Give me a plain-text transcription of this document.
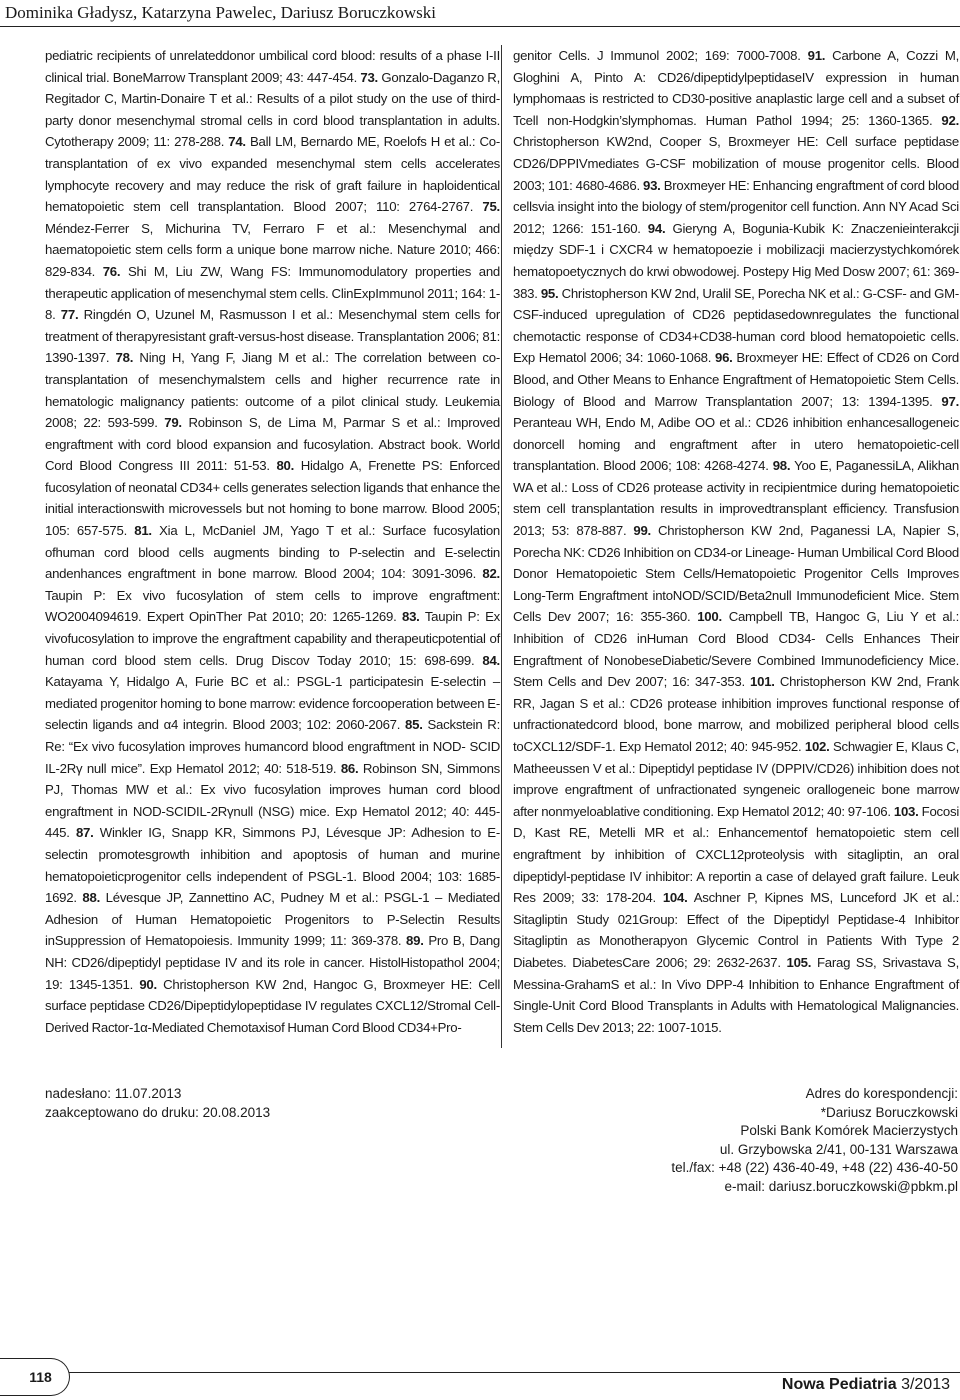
Dominika Gładysz, Katarzyna Pawelec, Dariusz Boruczkowski
pediatric recipients of unrelateddonor umbilical cord blood: results of a phase I-II clinical trial. BoneMarrow Transplant 2009; 43: 447-454. 73. Gonzalo-Daganzo R, Regitador C, Martin-Donaire T et al.: Results of a pilot study on the use of third-party donor mesenchymal stromal cells in cord blood transplantation in adults. Cytotherapy 2009; 11: 278-288. 74. Ball LM, Bernardo ME, Roelofs H et al.: Co-transplantation of ex vivo expanded mesenchymal stem cells accelerates lymphocyte recovery and may reduce the risk of graft failure in haploidentical hematopoietic stem cell transplantation. Blood 2007; 110: 2764-2767. 75. Méndez-Ferrer S, Michurina TV, Ferraro F et al.: Mesenchymal and haematopoietic stem cells form a unique bone marrow niche. Nature 2010; 466: 829-834. 76. Shi M, Liu ZW, Wang FS: Immunomodulatory properties and therapeutic application of mesenchymal stem cells. ClinExpImmunol 2011; 164: 1-8. 77. Ringdén O, Uzunel M, Rasmusson I et al.: Mesenchymal stem cells for treatment of therapyresistant graft-versus-host disease. Transplantation 2006; 81: 1390-1397. 78. Ning H, Yang F, Jiang M et al.: The correlation between co-transplantation of mesenchymalstem cells and higher recurrence rate in hematologic malignancy patients: outcome of a pilot clinical study. Leukemia 2008; 22: 593-599. 79. Robinson S, de Lima M, Parmar S et al.: Improved engraftment with cord blood expansion and fucosylation. Abstract book. World Cord Blood Congress III 2011: 51-53. 80. Hidalgo A, Frenette PS: Enforced fucosylation of neonatal CD34+ cells generates selection ligands that enhance the initial interactionswith microvessels but not homing to bone marrow. Blood 2005; 105: 657-575. 81. Xia L, McDaniel JM, Yago T et al.: Surface fucosylation ofhuman cord blood cells augments binding to P-selectin and E-selectin andenhances engraftment in bone marrow. Blood 2004; 104: 3091-3096. 82. Taupin P: Ex vivo fucosylation of stem cells to improve engraftment: WO2004094619. Expert OpinTher Pat 2010; 20: 1265-1269. 83. Taupin P: Ex vivofucosylation to improve the engraftment capability and therapeuticpotential of human cord blood stem cells. Drug Discov Today 2010; 15: 698-699. 84. Katayama Y, Hidalgo A, Furie BC et al.: PSGL-1 participatesin E-selectin – mediated progenitor homing to bone marrow: evidence forcooperation between E-selectin ligands and α4 integrin. Blood 2003; 102: 2060-2067. 85. Sackstein R: Re: “Ex vivo fucosylation improves humancord blood engraftment in NOD- SCID IL-2Rγ null mice”. Exp Hematol 2012; 40: 518-519. 86. Robinson SN, Simmons PJ, Thomas MW et al.: Ex vivo fucosylation improves human cord blood engraftment in NOD-SCIDIL-2Rγnull (NSG) mice. Exp Hematol 2012; 40: 445-445. 87. Winkler IG, Snapp KR, Simmons PJ, Lévesque JP: Adhesion to E-selectin promotesgrowth inhibition and apoptosis of human and murine hematopoieticprogenitor cells independent of PSGL-1. Blood 2004; 103: 1685-1692. 88. Lévesque JP, Zannettino AC, Pudney M et al.: PSGL-1 – Mediated Adhesion of Human Hematopoietic Progenitors to P-Selectin Results inSuppression of Hematopoiesis. Immunity 1999; 11: 369-378. 89. Pro B, Dang NH: CD26/dipeptidyl peptidase IV and its role in cancer. HistolHistopathol 2004; 19: 1345-1351. 90. Christopherson KW 2nd, Hangoc G, Broxmeyer HE: Cell surface peptidase CD26/Dipeptidylopeptidase IV regulates CXCL12/Stromal Cell-Derived Ractor-1α-Mediated Chemotaxisof Human Cord Blood CD34+Pro-
genitor Cells. J Immunol 2002; 169: 7000-7008. 91. Carbone A, Cozzi M, Gloghini A, Pinto A: CD26/dipeptidylpeptidaseIV expression in human lymphomaas is restricted to CD30-positive anaplastic large cell and a subset of Tcell non-Hodgkin’slymphomas. Human Pathol 1994; 25: 1360-1365. 92. Christopherson KW2nd, Cooper S, Broxmeyer HE: Cell surface peptidase CD26/DPPIVmediates G-CSF mobilization of mouse progenitor cells. Blood 2003; 101: 4680-4686. 93. Broxmeyer HE: Enhancing engraftment of cord blood cellsvia insight into the biology of stem/progenitor cell function. Ann NY Acad Sci 2012; 1266: 151-160. 94. Gieryng A, Bogunia-Kubik K: Znaczenieinterakcji między SDF-1 i CXCR4 w hematopoezie i mobilizacji macierzystychkomórek hematopoetycznych do krwi obwodowej. Postepy Hig Med Dosw 2007; 61: 369-383. 95. Christopherson KW 2nd, Uralil SE, Porecha NK et al.: G-CSF- and GM-CSF-induced upregulation of CD26 peptidasedownregulates the functional chemotactic response of CD34+CD38-human cord blood hematopoietic cells. Exp Hematol 2006; 34: 1060-1068. 96. Broxmeyer HE: Effect of CD26 on Cord Blood, and Other Means to Enhance Engraftment of Hematopoietic Stem Cells. Biology of Blood and Marrow Transplantation 2007; 13: 1394-1395. 97. Peranteau WH, Endo M, Adibe OO et al.: CD26 inhibition enhancesallogeneic donorcell homing and engraftment after in utero hematopoietic-cell transplantation. Blood 2006; 108: 4268-4274. 98. Yoo E, PaganessiLA, Alikhan WA et al.: Loss of CD26 protease activity in recipientmice during hematopoietic stem cell transplantation results in improvedtransplant efficiency. Transfusion 2013; 53: 878-887. 99. Christopherson KW 2nd, Paganessi LA, Napier S, Porecha NK: CD26 Inhibition on CD34-or Lineage- Human Umbilical Cord Blood Donor Hematopoietic Stem Cells/Hematopoietic Progenitor Cells Improves Long-Term Engraftment intoNOD/SCID/Beta2null Immunodeficient Mice. Stem Cells Dev 2007; 16: 355-360. 100. Campbell TB, Hangoc G, Liu Y et al.: Inhibition of CD26 inHuman Cord Blood CD34- Cells Enhances Their Engraftment of NonobeseDiabetic/Severe Combined Immunodeficiency Mice. Stem Cells and Dev 2007; 16: 347-353. 101. Christopherson KW 2nd, Frank RR, Jagan S et al.: CD26 protease inhibition improves functional response of unfractionatedcord blood, bone marrow, and mobilized peripheral blood cells toCXCL12/SDF-1. Exp Hematol 2012; 40: 945-952. 102. Schwagier E, Klaus C, Matheeussen V et al.: Dipeptidyl peptidase IV (DPPIV/CD26) inhibition does not improve engraftment of unfractionated syngeneic orallogeneic bone marrow after nonmyeloablative conditioning. Exp Hematol 2012; 40: 97-106. 103. Focosi D, Kast RE, Metelli MR et al.: Enhancementof hematopoietic stem cell engraftment by inhibition of CXCL12proteolysis with sitagliptin, an oral dipeptidyl-peptidase IV inhibitor: A reportin a case of delayed graft failure. Leuk Res 2009; 33: 178-204. 104. Aschner P, Kipnes MS, Lunceford JK et al.: Sitagliptin Study 021Group: Effect of the Dipeptidyl Peptidase-4 Inhibitor Sitagliptin as Monotherapyon Glycemic Control in Patients With Type 2 Diabetes. DiabetesCare 2006; 29: 2632-2637. 105. Farag SS, Srivastava S, Messina-GrahamS et al.: In Vivo DPP-4 Inhibition to Enhance Engraftment of Single-Unit Cord Blood Transplants in Adults with Hematological Malignancies. Stem Cells Dev 2013; 22: 1007-1015.
nadesłano: 11.07.2013
zaakceptowano do druku: 20.08.2013
Adres do korespondencji:
*Dariusz Boruczkowski
Polski Bank Komórek Macierzystych
ul. Grzybowska 2/41, 00-131 Warszawa
tel./fax: +48 (22) 436-40-49, +48 (22) 436-40-50
e-mail: dariusz.boruczkowski@pbkm.pl
118	Nowa Pediatria 3/2013
